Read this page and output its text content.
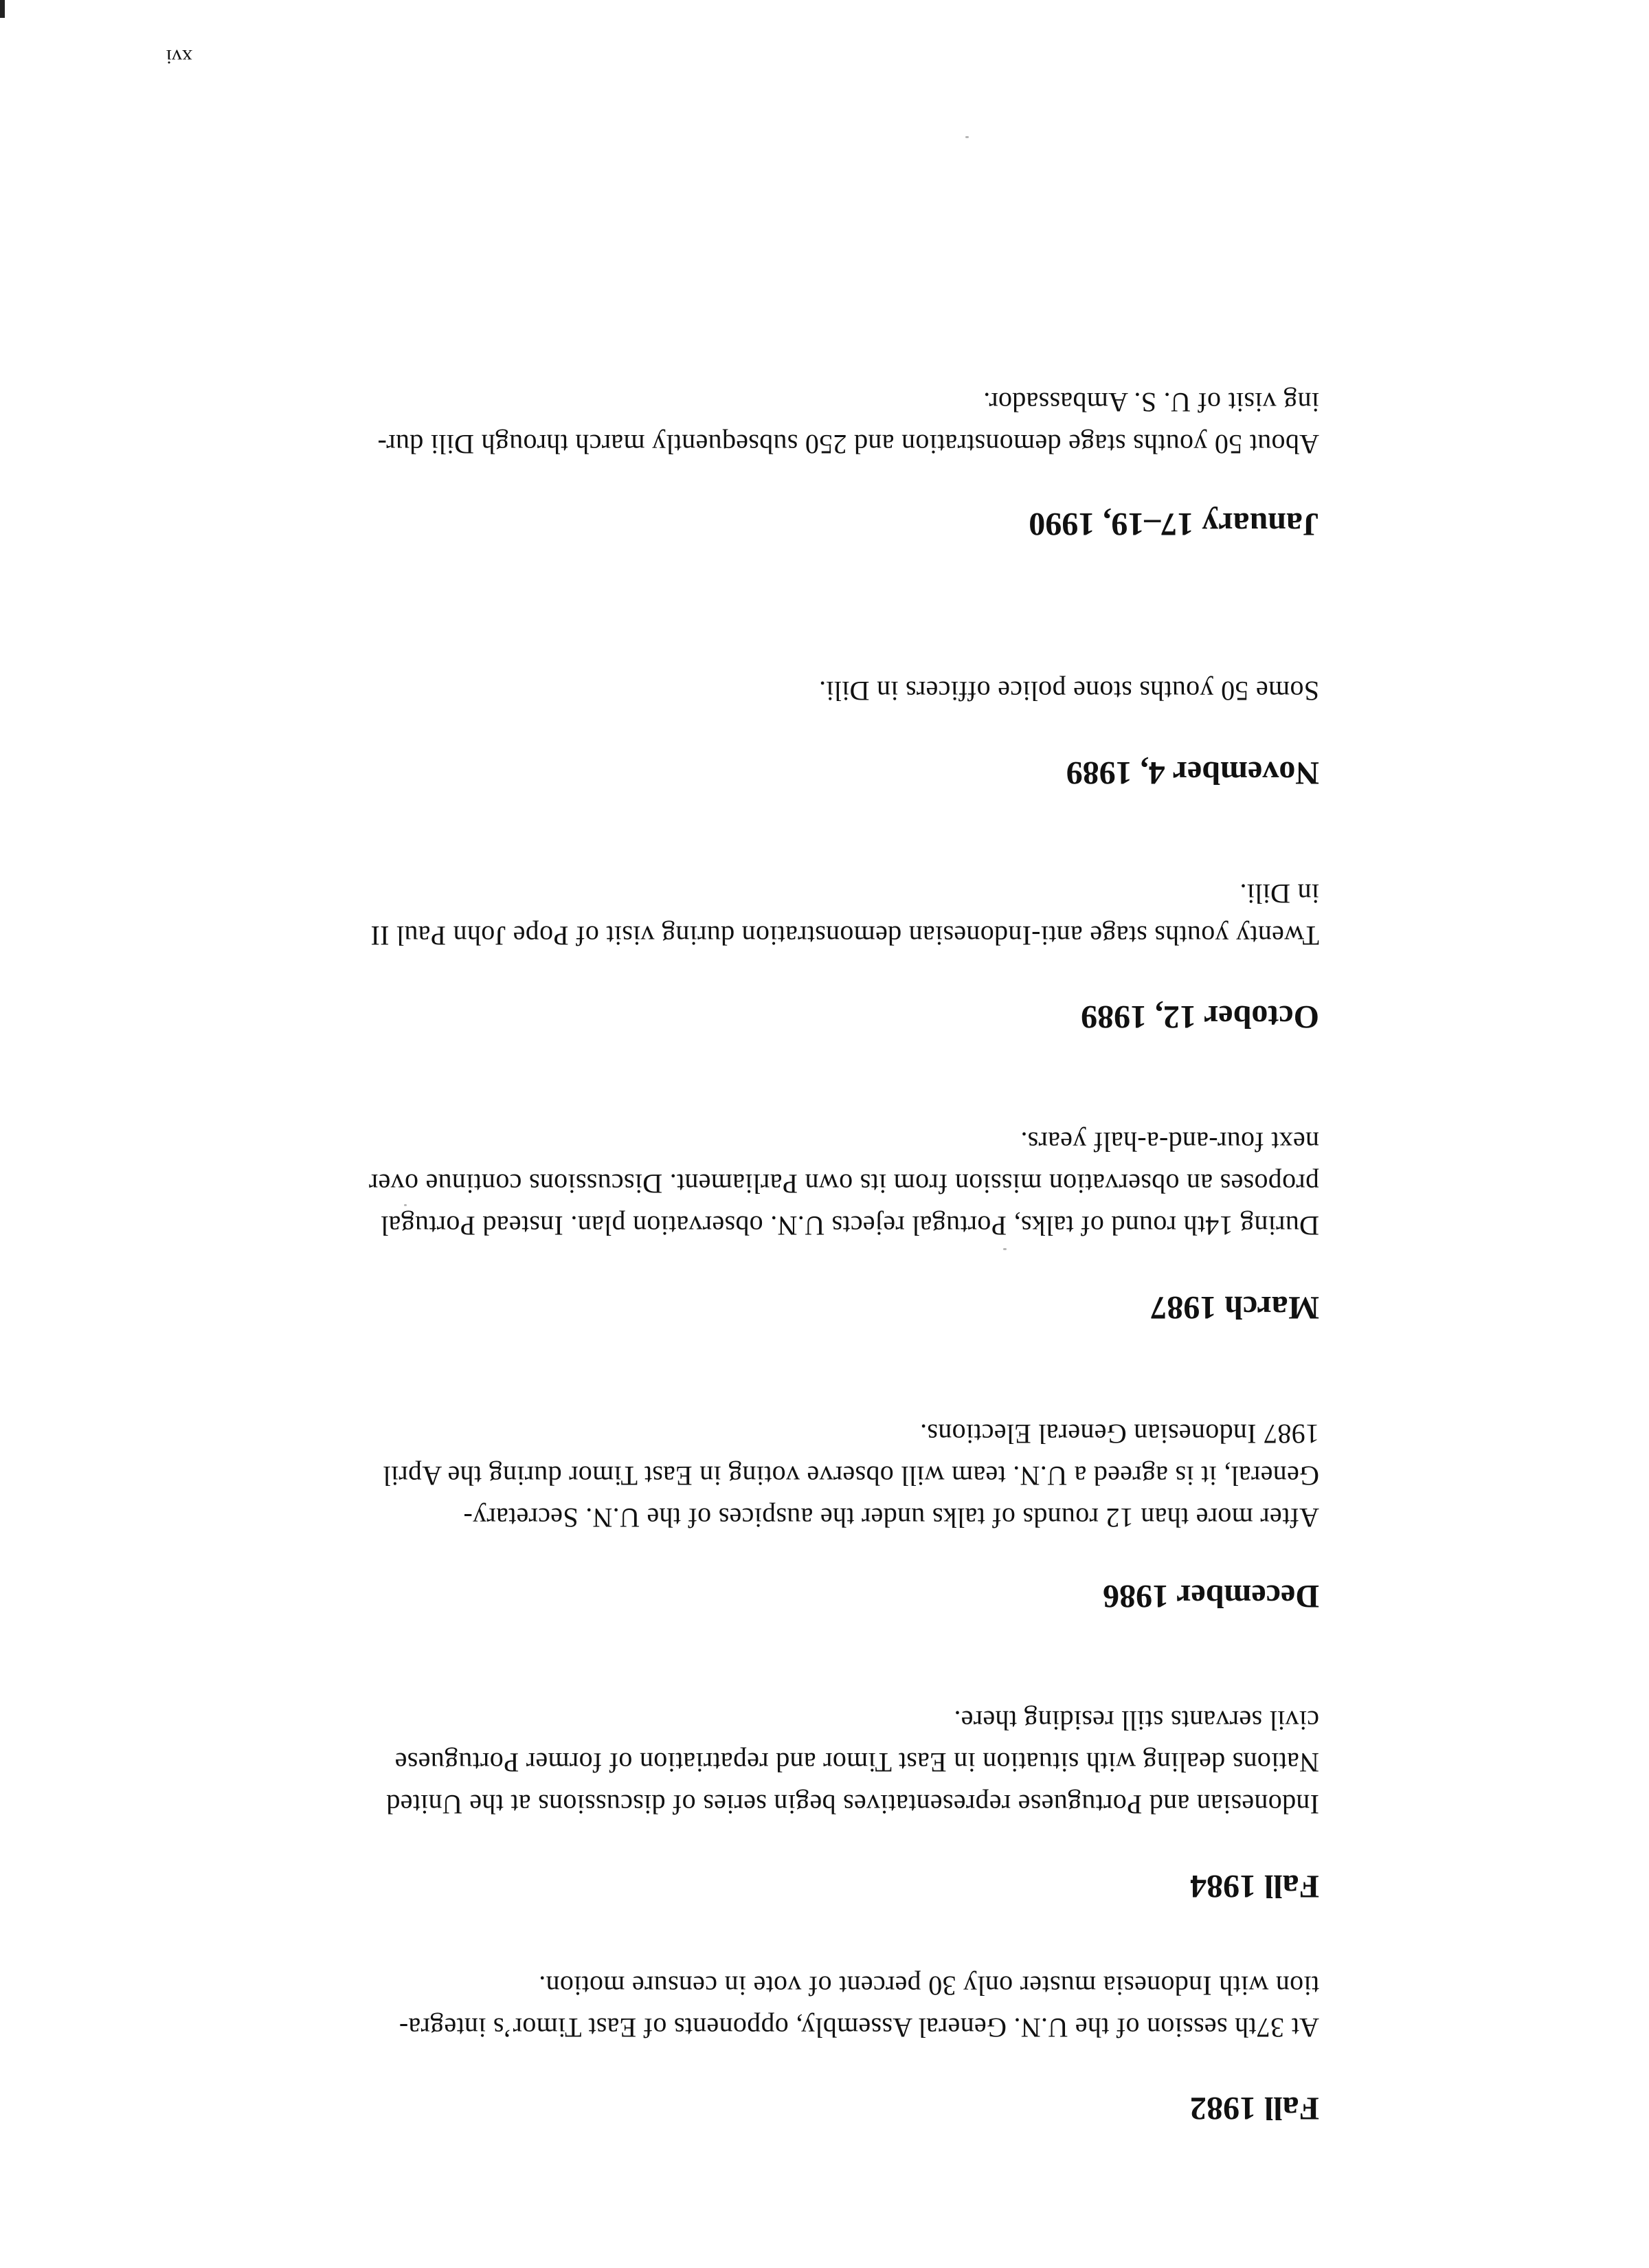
Fall 1982
At 37th session of the U.N. General Assembly, opponents of East Timor’s integra-
tion with Indonesia muster only 30 percent of vote in censure motion.
Fall 1984
Indonesian and Portuguese representatives begin series of discussions at the United
Nations dealing with situation in East Timor and repatriation of former Portuguese
civil servants still residing there.
December 1986
After more than 12 rounds of talks under the auspices of the U.N. Secretary-
General, it is agreed a U.N. team will observe voting in East Timor during the April
1987 Indonesian General Elections.
March 1987
During 14th round of talks, Portugal rejects U.N. observation plan. Instead Portugal
proposes an observation mission from its own Parliament. Discussions continue over
next four-and-a-half years.
October 12, 1989
Twenty youths stage anti-Indonesian demonstration during visit of Pope John Paul II
in Dili.
November 4, 1989
Some 50 youths stone police officers in Dili.
January 17–19, 1990
About 50 youths stage demonstration and 250 subsequently march through Dili dur-
ing visit of U. S. Ambassador.
xvi
